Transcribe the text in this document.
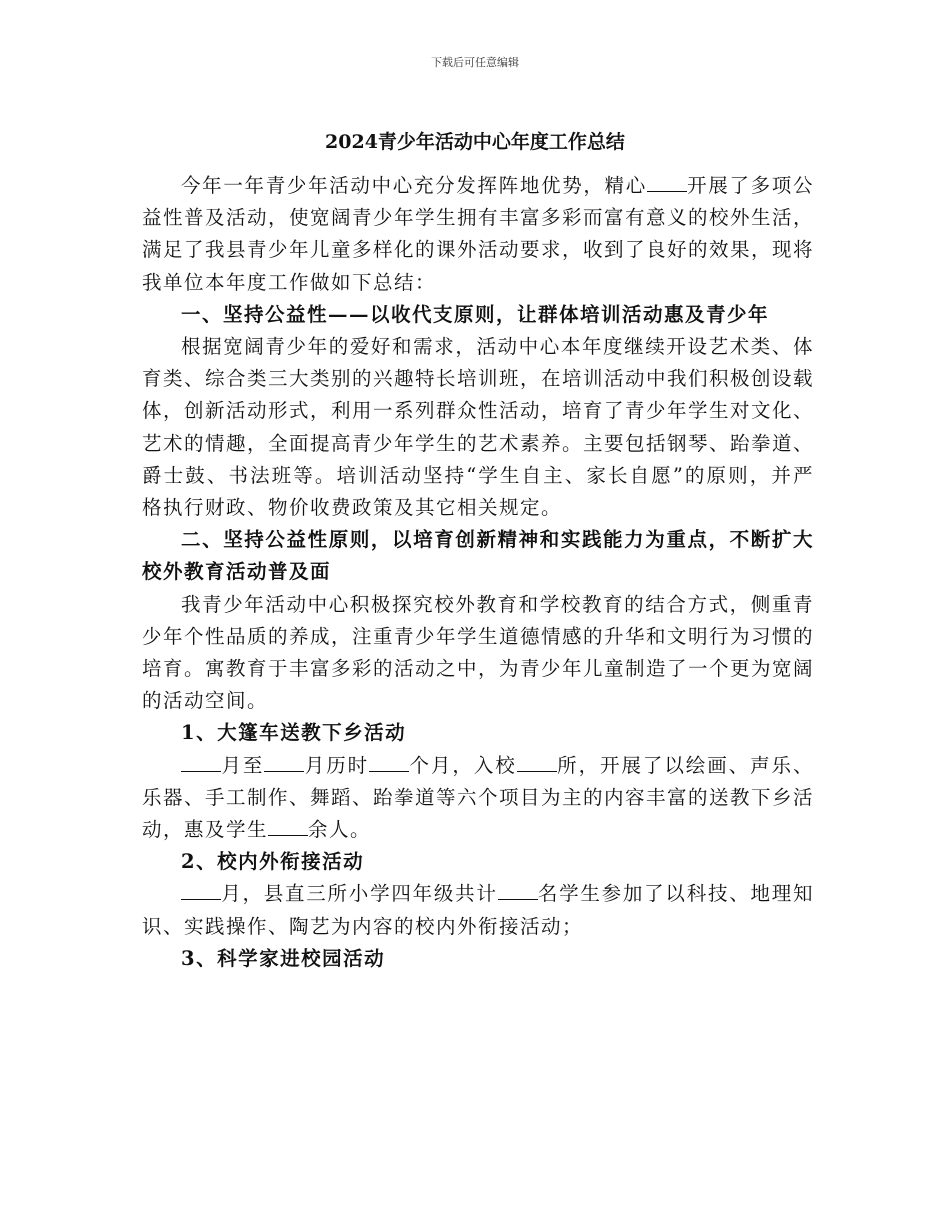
下载后可任意编辑
2024青少年活动中心年度工作总结

今年一年青少年活动中心充分发挥阵地优势，精心 开展了多项公益性普及活动，使宽阔青少年学生拥有丰富多彩而富有意义的校外生活，满足了我县青少年儿童多样化的课外活动要求，收到了良好的效果，现将我单位本年度工作做如下总结：

一、坚持公益性——以收代支原则，让群体培训活动惠及青少年

根据宽阔青少年的爱好和需求，活动中心本年度继续开设艺术类、体育类、综合类三大类别的兴趣特长培训班，在培训活动中我们积极创设载体，创新活动形式，利用一系列群众性活动，培育了青少年学生对文化、艺术的情趣，全面提高青少年学生的艺术素养。主要包括钢琴、跆拳道、爵士鼓、书法班等。培训活动坚持“学生自主、家长自愿”的原则，并严格执行财政、物价收费政策及其它相关规定。

二、坚持公益性原则，以培育创新精神和实践能力为重点，不断扩大校外教育活动普及面

我青少年活动中心积极探究校外教育和学校教育的结合方式，侧重青少年个性品质的养成，注重青少年学生道德情感的升华和文明行为习惯的培育。寓教育于丰富多彩的活动之中，为青少年儿童制造了一个更为宽阔的活动空间。

1、大篷车送教下乡活动

月至 月历时 个月，入校 所，开展了以绘画、声乐、乐器、手工制作、舞蹈、跆拳道等六个项目为主的内容丰富的送教下乡活动，惠及学生 余人。

2、校内外衔接活动

月，县直三所小学四年级共计 名学生参加了以科技、地理知识、实践操作、陶艺为内容的校内外衔接活动；

3、科学家进校园活动
